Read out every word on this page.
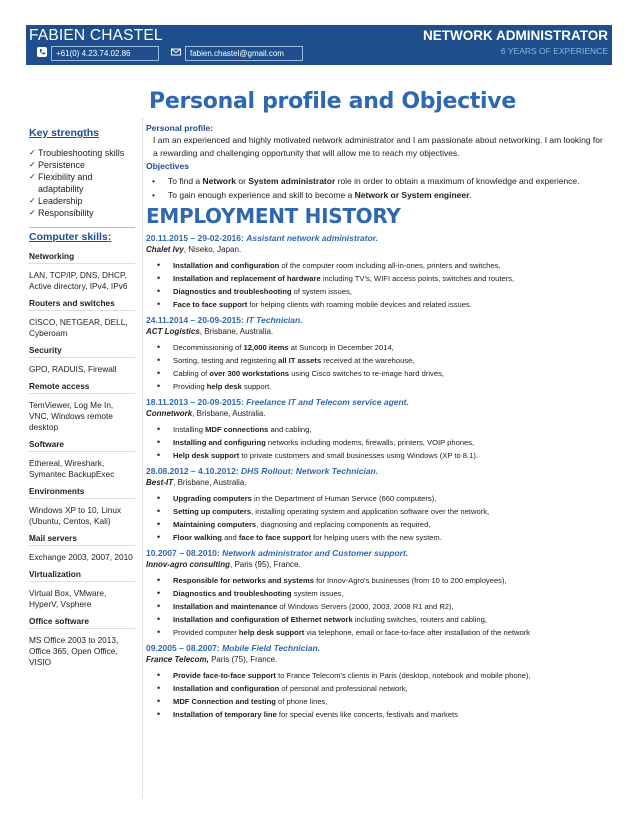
FABIEN CHASTEL	NETWORK ADMINISTRATOR
6 YEARS OF EXPERIENCE
+61(0) 4.23.74.02.86	fabien.chastel@gmail.com
Key strengths
✓ Troubleshooting skills
✓ Persistence
✓ Flexibility and adaptability
✓ Leadership
✓ Responsibility
Computer skills:
Networking
LAN, TCP/IP, DNS, DHCP, Active directory, IPv4, IPv6
Routers and switches
CISCO, NETGEAR, DELL, Cyberoam
Security
GPO, RADUIS, Firewall
Remote access
TemViewer, Log Me In, VNC, Windows remote desktop
Software
Ethereal, Wireshark, Symantec BackupExec
Environments
Windows XP to 10, Linux (Ubuntu, Centos, Kali)
Mail servers
Exchange 2003, 2007, 2010
Virtualization
Virtual Box, VMware, HyperV, Vsphere
Office software
MS Office 2003 to 2013, Office 365, Open Office, VISIO
Personal profile and Objective
Personal profile:
I am an experienced and highly motivated network administrator and I am passionate about networking. I am looking for a rewarding and challenging opportunity that will allow me to reach my objectives.
Objectives
• To find a Network or System administrator role in order to obtain a maximum of knowledge and experience.
• To gain enough experience and skill to become a Network or System engineer.
EMPLOYMENT HISTORY
20.11.2015 – 29-02-2016: Assistant network administrator.
Chalet Ivy, Niseko, Japan.
• Installation and configuration of the computer room including all-in-ones, printers and switches,
• Installation and replacement of hardware including TV’s, WIFI access points, switches and routers,
• Diagnostics and troubleshooting of system issues,
• Face to face support for helping clients with roaming mobile devices and related issues.
24.11.2014 – 20-09-2015: IT Technician.
ACT Logistics, Brisbane, Australia.
• Decommissioning of 12,000 items at Suncorp in December 2014,
• Sorting, testing and registering all IT assets received at the warehouse,
• Cabling of over 300 workstations using Cisco switches to re-image hard drives,
• Providing help desk support.
18.11.2013 – 20-09-2015: Freelance IT and Telecom service agent.
Connetwork, Brisbane, Australia.
• Installing MDF connections and cabling,
• Installing and configuring networks including modems, firewalls, printers, VOIP phones,
• Help desk support to private customers and small businesses using Windows (XP to 8.1).
28.08.2012 – 4.10.2012: DHS Rollout: Network Technician.
Best-IT, Brisbane, Australia.
• Upgrading computers in the Department of Human Service (660 computers),
• Setting up computers, installing operating system and application software over the network,
• Maintaining computers, diagnosing and replacing components as required,
• Floor walking and face to face support for helping users with the new system.
10.2007 – 08.2010: Network administrator and Customer support.
Innov-agro consulting, Paris (95), France.
• Responsible for networks and systems for Innov-Agro's businesses (from 10 to 200 employees),
• Diagnostics and troubleshooting system issues,
• Installation and maintenance of Windows Servers (2000, 2003, 2008 R1 and R2),
• Installation and configuration of Ethernet network including switches, routers and cabling,
• Provided computer help desk support via telephone, email or face-to-face after installation of the network
09.2005 – 08.2007: Mobile Field Technician.
France Telecom, Paris (75), France.
• Provide face-to-face support to France Telecom’s clients in Paris (desktop, notebook and mobile phone),
• Installation and configuration of personal and professional network,
• MDF Connection and testing of phone lines,
• Installation of temporary line for special events like concerts, festivals and markets
